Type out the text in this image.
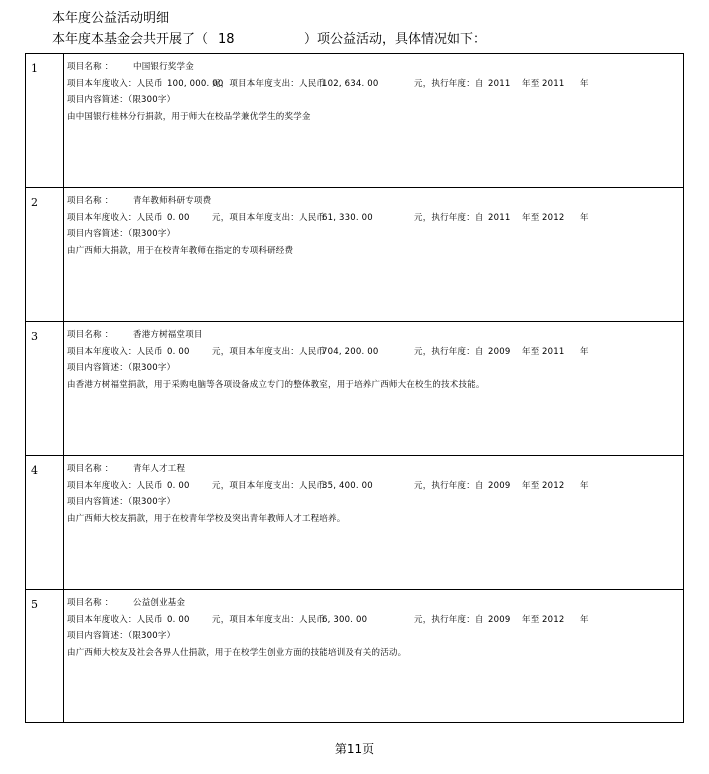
本年度公益活动明细
本年度本基金会共开展了（ 18	）项公益活动，具体情况如下：
1	项目名称 ： 中国银行奖学金
项目本年度收入：人民币 100, 000. 00元，项目本年度支出：人民币102, 634. 00	元，执行年度：自 2011 年至 2011 年
项目内容简述：（限300字）
由中国银行桂林分行捐款，用于师大在校品学兼优学生的奖学金
2	项目名称 ： 青年教师科研专项费
项目本年度收入：人民币 0. 00	元，项目本年度支出：人民币61, 330. 00	元，执行年度：自 2011 年至 2012 年
项目内容简述：（限300字）
由广西师大捐款，用于在校青年教师在指定的专项科研经费
3	项目名称 ： 香港方树福堂项目
项目本年度收入：人民币 0. 00	元，项目本年度支出：人民币704, 200. 00	元，执行年度：自 2009 年至 2011 年
项目内容简述：（限300字）
由香港方树福堂捐款，用于采购电脑等各项设备成立专门的整体教室，用于培养广西师大在校生的技术技能。
4	项目名称 ： 青年人才工程
项目本年度收入：人民币 0. 00	元，项目本年度支出：人民币35, 400. 00	元，执行年度：自 2009 年至 2012 年
项目内容简述：（限300字）
由广西师大校友捐款，用于在校青年学校及突出青年教师人才工程培养。
5	项目名称 ： 公益创业基金
项目本年度收入：人民币 0. 00	元，项目本年度支出：人民币6, 300. 00	元，执行年度：自 2009 年至 2012 年
项目内容简述：（限300字）
由广西师大校友及社会各界人仕捐款，用于在校学生创业方面的技能培训及有关的活动。
第11页
